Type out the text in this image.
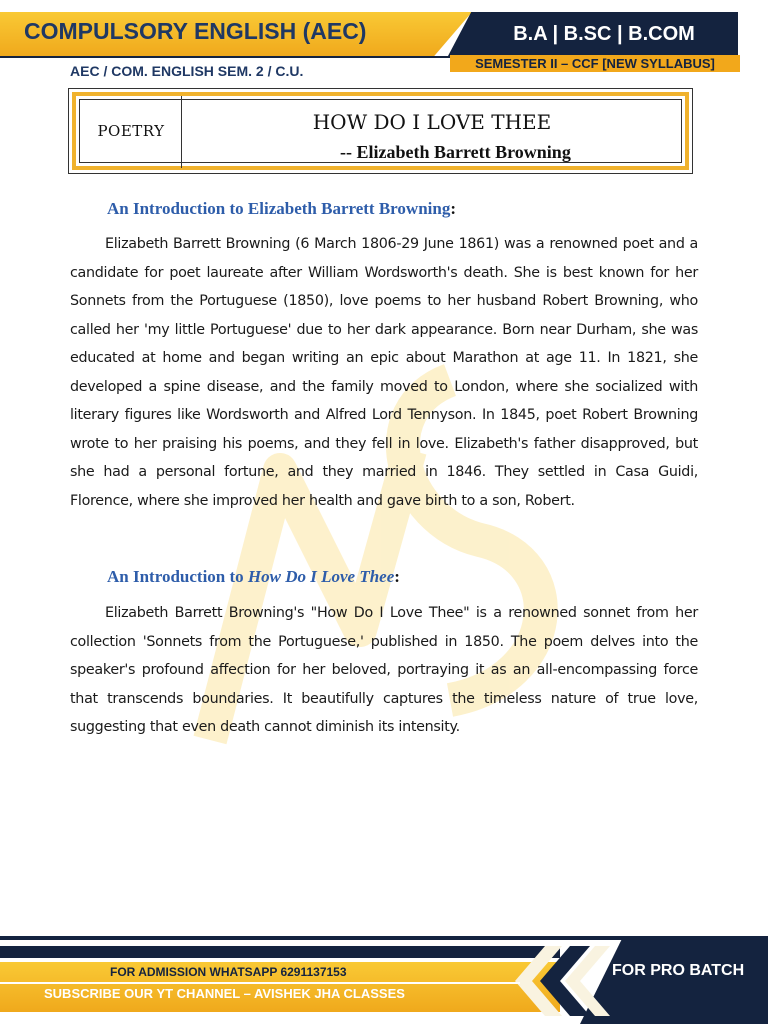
COMPULSORY ENGLISH (AEC)	B.A | B.SC | B.COM
SEMESTER II – CCF [NEW SYLLABUS]
AEC / COM. ENGLISH SEM. 2 / C.U.
POETRY	HOW DO I LOVE THEE
-- Elizabeth Barrett Browning
An Introduction to Elizabeth Barrett Browning:

Elizabeth Barrett Browning (6 March 1806-29 June 1861) was a renowned poet and a candidate for poet laureate after William Wordsworth's death. She is best known for her Sonnets from the Portuguese (1850), love poems to her husband Robert Browning, who called her 'my little Portuguese' due to her dark appearance. Born near Durham, she was educated at home and began writing an epic about Marathon at age 11. In 1821, she developed a spine disease, and the family moved to London, where she socialized with literary figures like Wordsworth and Alfred Lord Tennyson. In 1845, poet Robert Browning wrote to her praising his poems, and they fell in love. Elizabeth's father disapproved, but she had a personal fortune, and they married in 1846. They settled in Casa Guidi, Florence, where she improved her health and gave birth to a son, Robert.

An Introduction to How Do I Love Thee:

Elizabeth Barrett Browning's "How Do I Love Thee" is a renowned sonnet from her collection 'Sonnets from the Portuguese,' published in 1850. The poem delves into the speaker's profound affection for her beloved, portraying it as an all-encompassing force that transcends boundaries. It beautifully captures the timeless nature of true love, suggesting that even death cannot diminish its intensity.

FOR ADMISSION WHATSAPP 6291137153
SUBSCRIBE OUR YT CHANNEL – AVISHEK JHA CLASSES
FOR PRO BATCH
